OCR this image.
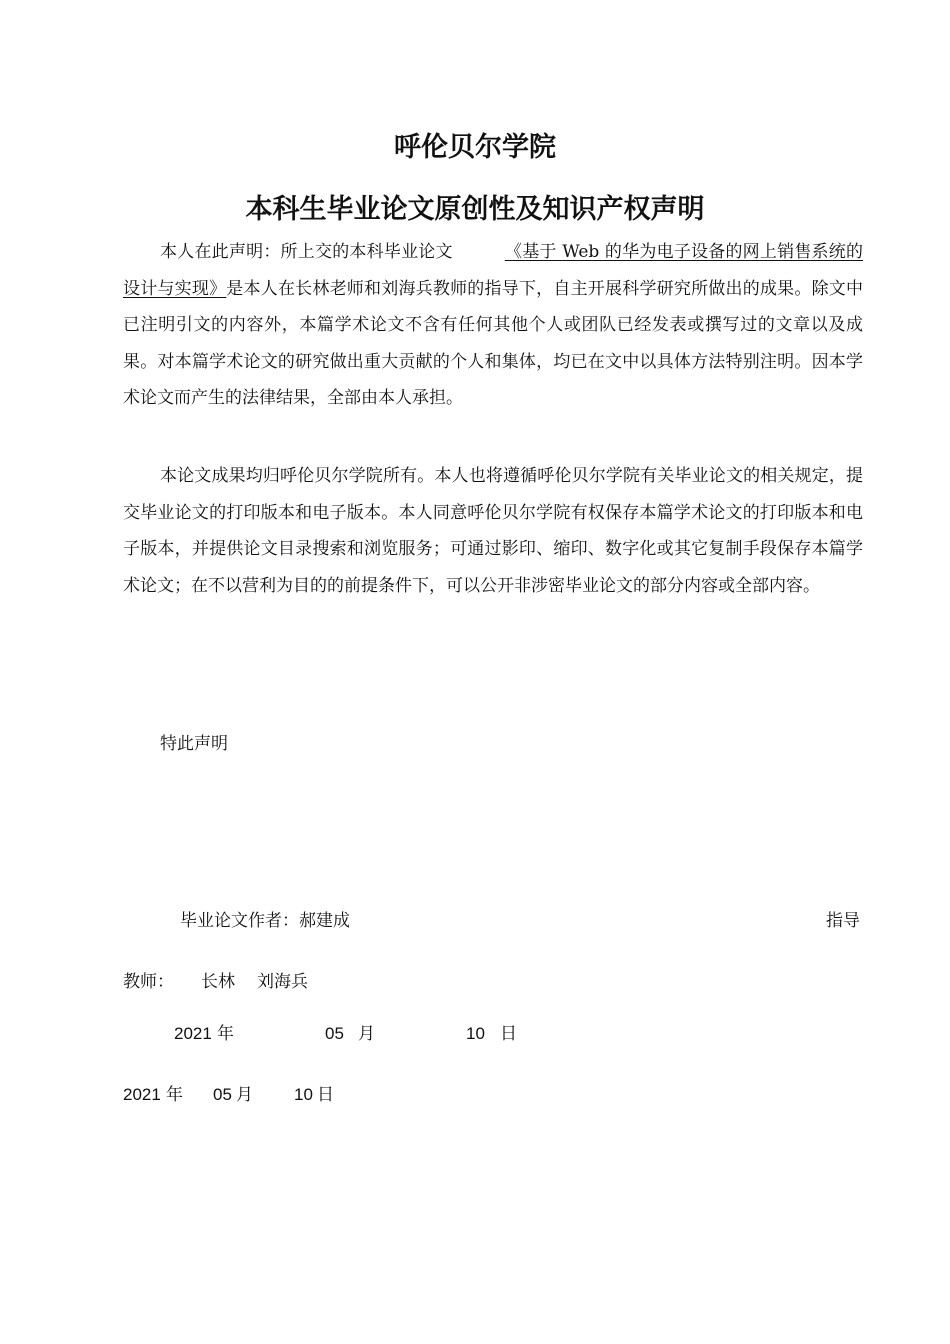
呼伦贝尔学院
本科生毕业论文原创性及知识产权声明

本人在此声明：所上交的本科毕业论文	《基于 Web 的华为电子设备的网上销售系统的设计与实现》是本人在长林老师和刘海兵教师的指导下，自主开展科学研究所做出的成果。除文中已注明引文的内容外，本篇学术论文不含有任何其他个人或团队已经发表或撰写过的文章以及成果。对本篇学术论文的研究做出重大贡献的个人和集体，均已在文中以具体方法特别注明。因本学术论文而产生的法律结果，全部由本人承担。

本论文成果均归呼伦贝尔学院所有。本人也将遵循呼伦贝尔学院有关毕业论文的相关规定，提交毕业论文的打印版本和电子版本。本人同意呼伦贝尔学院有权保存本篇学术论文的打印版本和电子版本，并提供论文目录搜索和浏览服务；可通过影印、缩印、数字化或其它复制手段保存本篇学术论文；在不以营利为目的的前提条件下，可以公开非涉密毕业论文的部分内容或全部内容。

特此声明
毕业论文作者：郝建成	指导
教师： 长林 刘海兵
2021 年	05 月	10 日
2021 年 05 月 10 日
